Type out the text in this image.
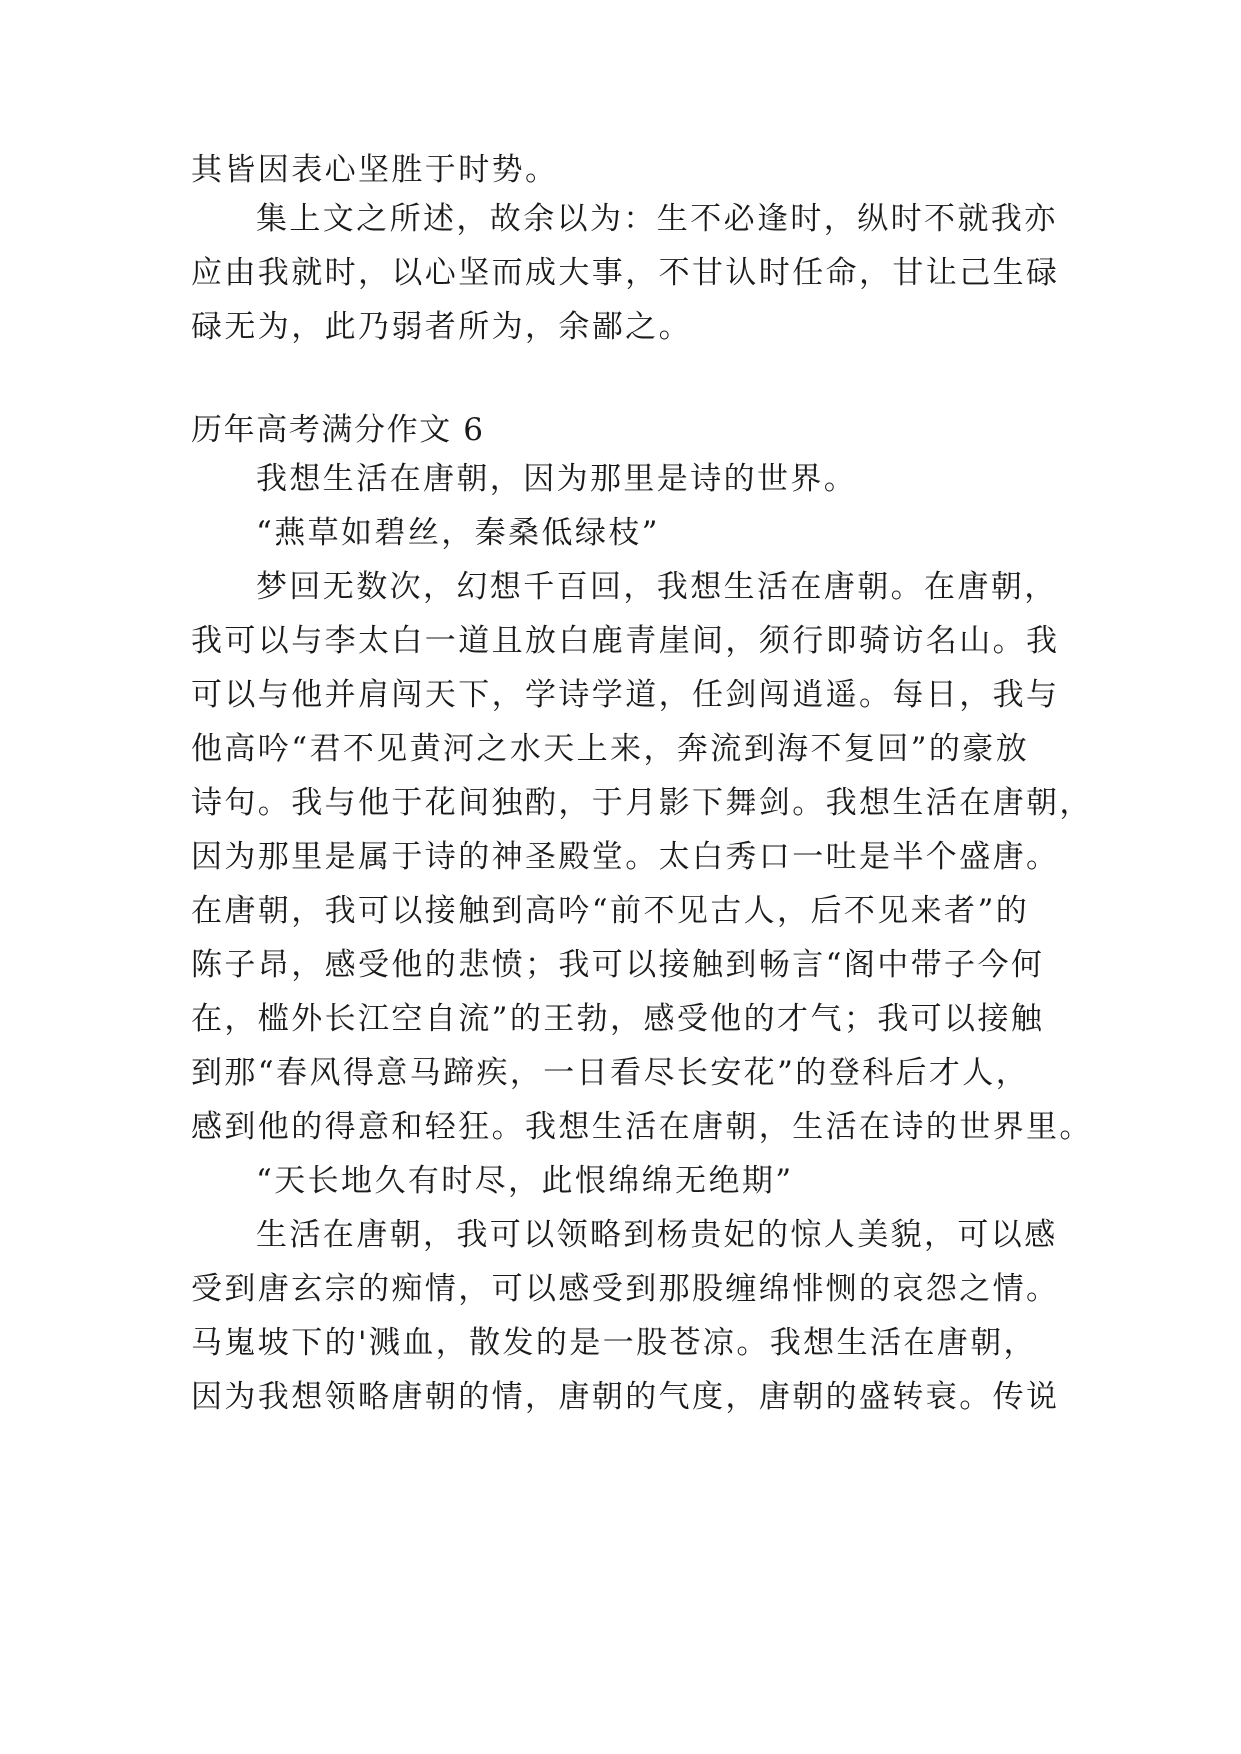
其皆因表心坚胜于时势。
集上文之所述，故余以为：生不必逢时，纵时不就我亦
应由我就时，以心坚而成大事，不甘认时任命，甘让己生碌
碌无为，此乃弱者所为，余鄙之。
历年高考满分作文 6
我想生活在唐朝，因为那里是诗的世界。
“燕草如碧丝，秦桑低绿枝”
梦回无数次，幻想千百回，我想生活在唐朝。在唐朝，
我可以与李太白一道且放白鹿青崖间，须行即骑访名山。我
可以与他并肩闯天下，学诗学道，任剑闯逍遥。每日，我与
他高吟“君不见黄河之水天上来，奔流到海不复回”的豪放
诗句。我与他于花间独酌，于月影下舞剑。我想生活在唐朝，
因为那里是属于诗的神圣殿堂。太白秀口一吐是半个盛唐。
在唐朝，我可以接触到高吟“前不见古人，后不见来者”的
陈子昂，感受他的悲愤；我可以接触到畅言“阁中带子今何
在，槛外长江空自流”的王勃，感受他的才气；我可以接触
到那“春风得意马蹄疾，一日看尽长安花”的登科后才人，
感到他的得意和轻狂。我想生活在唐朝，生活在诗的世界里。
“天长地久有时尽，此恨绵绵无绝期”
生活在唐朝，我可以领略到杨贵妃的惊人美貌，可以感
受到唐玄宗的痴情，可以感受到那股缠绵悱恻的哀怨之情。
马嵬坡下的'溅血，散发的是一股苍凉。我想生活在唐朝，
因为我想领略唐朝的情，唐朝的气度，唐朝的盛转衰。传说
